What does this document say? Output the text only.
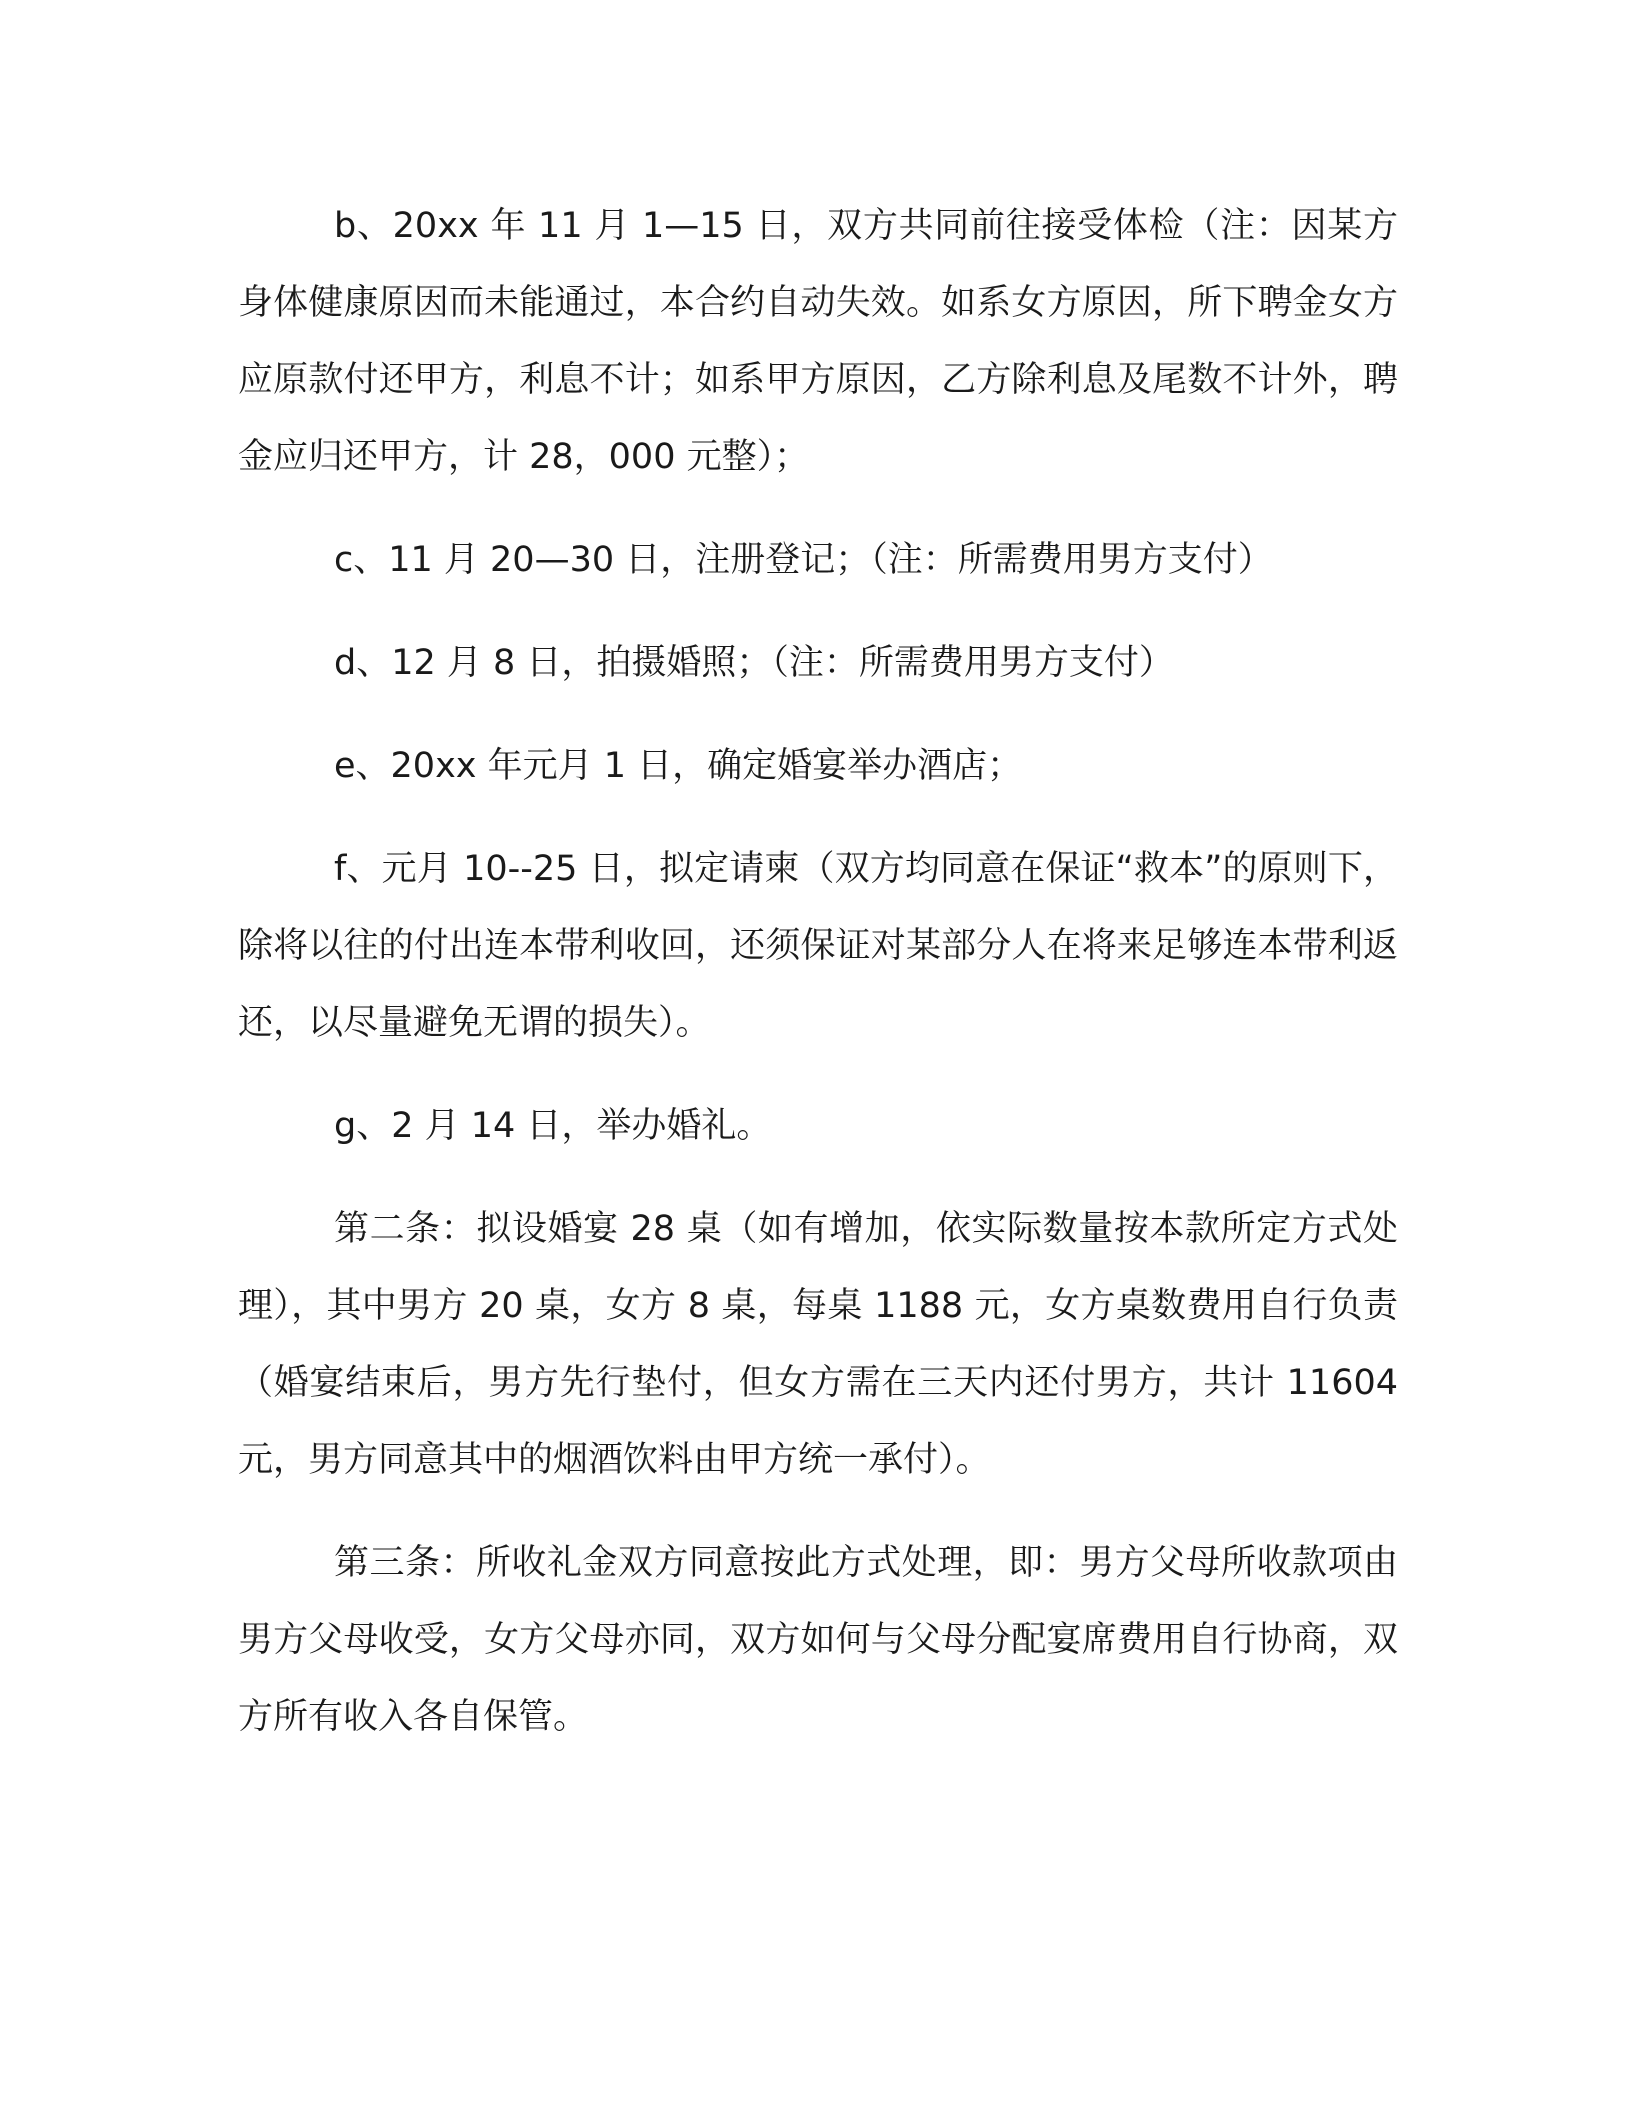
b、20xx 年 11 月 1—15 日，双方共同前往接受体检（注：因某方身体健康原因而未能通过，本合约自动失效。如系女方原因，所下聘金女方应原款付还甲方，利息不计；如系甲方原因，乙方除利息及尾数不计外，聘金应归还甲方，计 28，000 元整）；

c、11 月 20—30 日，注册登记；（注：所需费用男方支付）

d、12 月 8 日，拍摄婚照；（注：所需费用男方支付）

e、20xx 年元月 1 日，确定婚宴举办酒店；

f、元月 10--25 日，拟定请柬（双方均同意在保证“救本”的原则下，除将以往的付出连本带利收回，还须保证对某部分人在将来足够连本带利返还，以尽量避免无谓的损失）。

g、2 月 14 日，举办婚礼。

第二条：拟设婚宴 28 桌（如有增加，依实际数量按本款所定方式处理），其中男方 20 桌，女方 8 桌，每桌 1188 元，女方桌数费用自行负责（婚宴结束后，男方先行垫付，但女方需在三天内还付男方，共计 11604 元，男方同意其中的烟酒饮料由甲方统一承付）。

第三条：所收礼金双方同意按此方式处理，即：男方父母所收款项由男方父母收受，女方父母亦同，双方如何与父母分配宴席费用自行协商，双方所有收入各自保管。
